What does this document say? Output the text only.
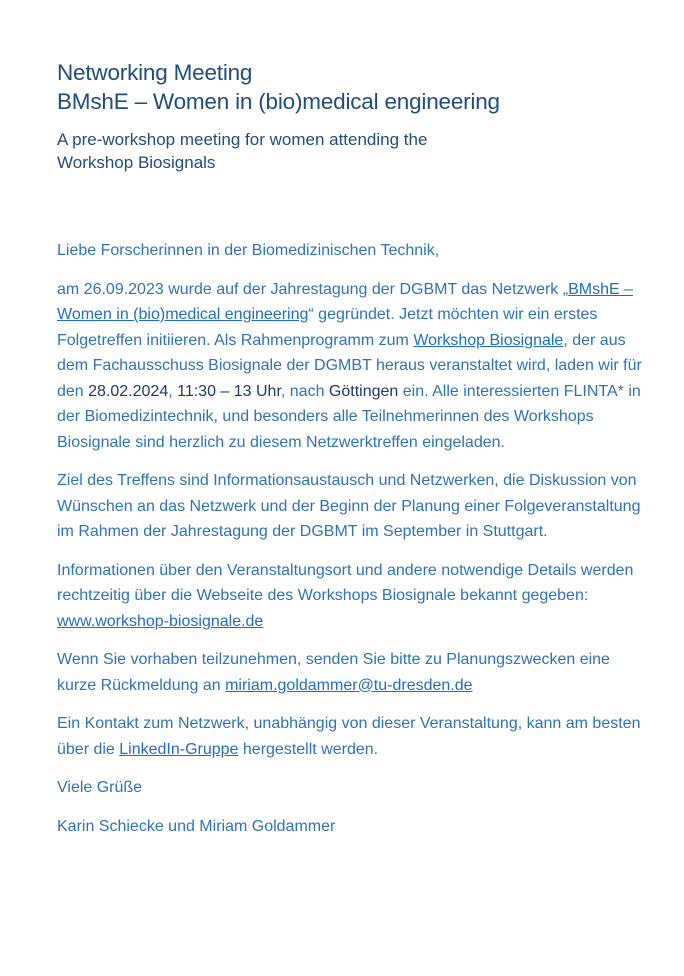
Networking Meeting
BMshE – Women in (bio)medical engineering
A pre-workshop meeting for women attending the
Workshop Biosignals

Liebe Forscherinnen in der Biomedizinischen Technik,

am 26.09.2023 wurde auf der Jahrestagung der DGBMT das Netzwerk „BMshE – Women in (bio)medical engineering“ gegründet. Jetzt möchten wir ein erstes Folgetreffen initiieren. Als Rahmenprogramm zum Workshop Biosignale, der aus dem Fachausschuss Biosignale der DGMBT heraus veranstaltet wird, laden wir für den 28.02.2024, 11:30 – 13 Uhr, nach Göttingen ein. Alle interessierten FLINTA* in der Biomedizintechnik, und besonders alle Teilnehmerinnen des Workshops Biosignale sind herzlich zu diesem Netzwerktreffen eingeladen.

Ziel des Treffens sind Informationsaustausch und Netzwerken, die Diskussion von Wünschen an das Netzwerk und der Beginn der Planung einer Folgeveranstaltung im Rahmen der Jahrestagung der DGBMT im September in Stuttgart.

Informationen über den Veranstaltungsort und andere notwendige Details werden rechtzeitig über die Webseite des Workshops Biosignale bekannt gegeben: www.workshop-biosignale.de

Wenn Sie vorhaben teilzunehmen, senden Sie bitte zu Planungszwecken eine kurze Rückmeldung an miriam.goldammer@tu-dresden.de

Ein Kontakt zum Netzwerk, unabhängig von dieser Veranstaltung, kann am besten über die LinkedIn-Gruppe hergestellt werden.

Viele Grüße

Karin Schiecke und Miriam Goldammer
